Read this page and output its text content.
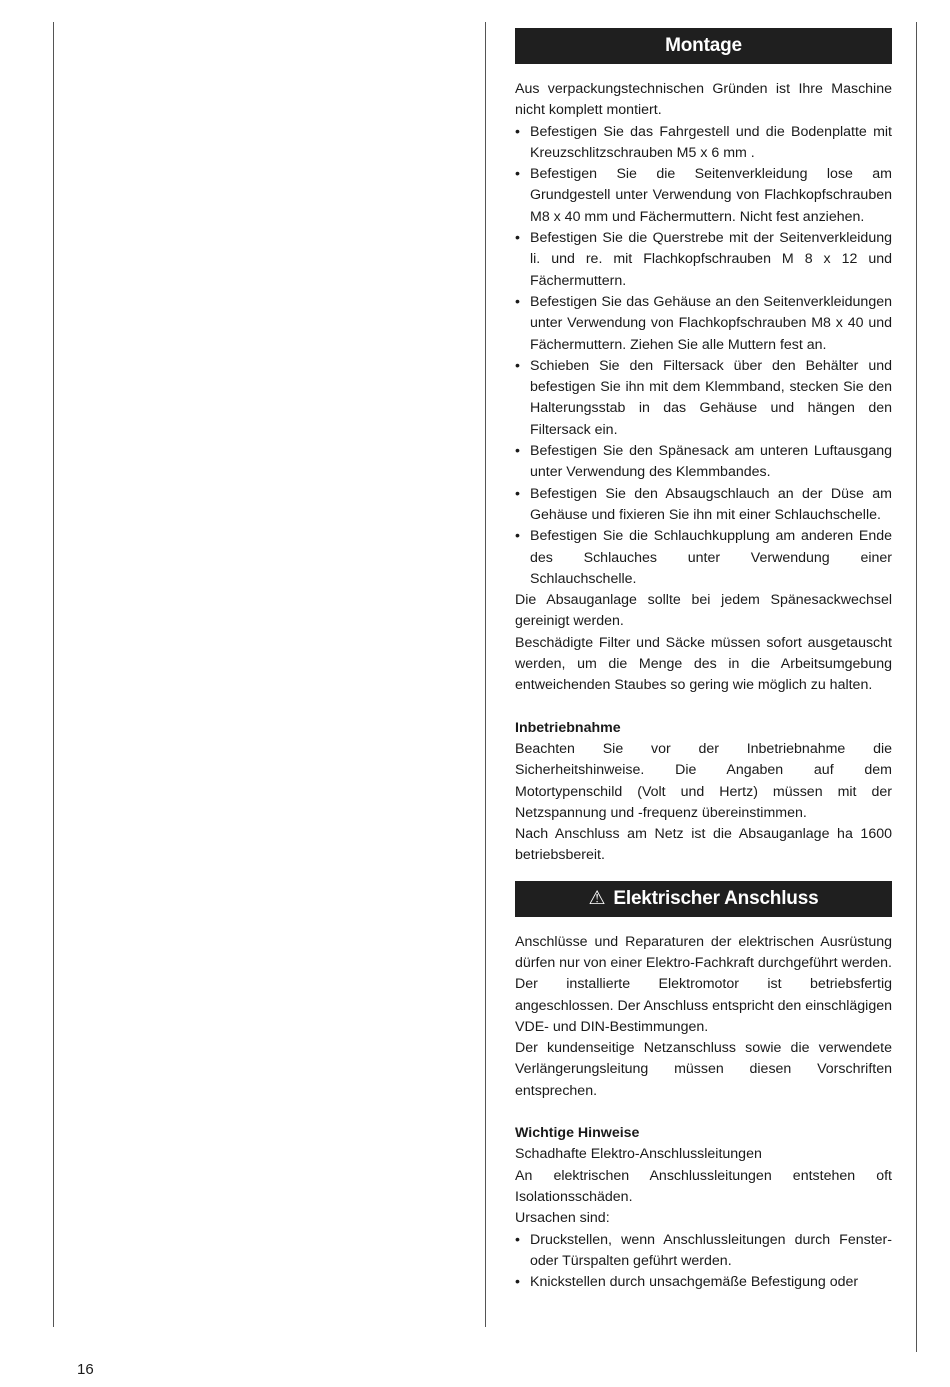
Montage

Aus verpackungstechnischen Gründen ist Ihre Maschine nicht komplett montiert.

• Befestigen Sie das Fahrgestell und die Bodenplatte mit Kreuzschlitzschrauben M5 x 6 mm .
• Befestigen Sie die Seitenverkleidung lose am Grundgestell unter Verwendung von Flachkopfschrauben M8 x 40 mm und Fächermuttern. Nicht fest anziehen.
• Befestigen Sie die Querstrebe mit der Seitenverkleidung li. und re. mit Flachkopfschrauben M 8 x 12 und Fächermuttern.
• Befestigen Sie das Gehäuse an den Seitenverkleidungen unter Verwendung von Flachkopfschrauben M8 x 40 und Fächermuttern. Ziehen Sie alle Muttern fest an.
• Schieben Sie den Filtersack über den Behälter und befestigen Sie ihn mit dem Klemmband, stecken Sie den Halterungsstab in das Gehäuse und hängen den Filtersack ein.
• Befestigen Sie den Spänesack am unteren Luftausgang unter Verwendung des Klemmbandes.
• Befestigen Sie den Absaugschlauch an der Düse am Gehäuse und fixieren Sie ihn mit einer Schlauchschelle.
• Befestigen Sie die Schlauchkupplung am anderen Ende des Schlauches unter Verwendung einer Schlauchschelle.

Die Absauganlage sollte bei jedem Spänesackwechsel gereinigt werden.

Beschädigte Filter und Säcke müssen sofort ausgetauscht werden, um die Menge des in die Arbeitsumgebung entweichenden Staubes so gering wie möglich zu halten.

Inbetriebnahme

Beachten Sie vor der Inbetriebnahme die Sicherheitshinweise. Die Angaben auf dem Motortypenschild (Volt und Hertz) müssen mit der Netzspannung und -frequenz übereinstimmen.

Nach Anschluss am Netz ist die Absauganlage ha 1600 betriebsbereit.

⚠ Elektrischer Anschluss

Anschlüsse und Reparaturen der elektrischen Ausrüstung dürfen nur von einer Elektro-Fachkraft durchgeführt werden.

Der installierte Elektromotor ist betriebsfertig angeschlossen. Der Anschluss entspricht den einschlägigen VDE- und DIN-Bestimmungen.

Der kundenseitige Netzanschluss sowie die verwendete Verlängerungsleitung müssen diesen Vorschriften entsprechen.

Wichtige Hinweise

Schadhafte Elektro-Anschlussleitungen

An elektrischen Anschlussleitungen entstehen oft Isolationsschäden.

Ursachen sind:

• Druckstellen, wenn Anschlussleitungen durch Fenster- oder Türspalten geführt werden.
• Knickstellen durch unsachgemäße Befestigung oder
16
